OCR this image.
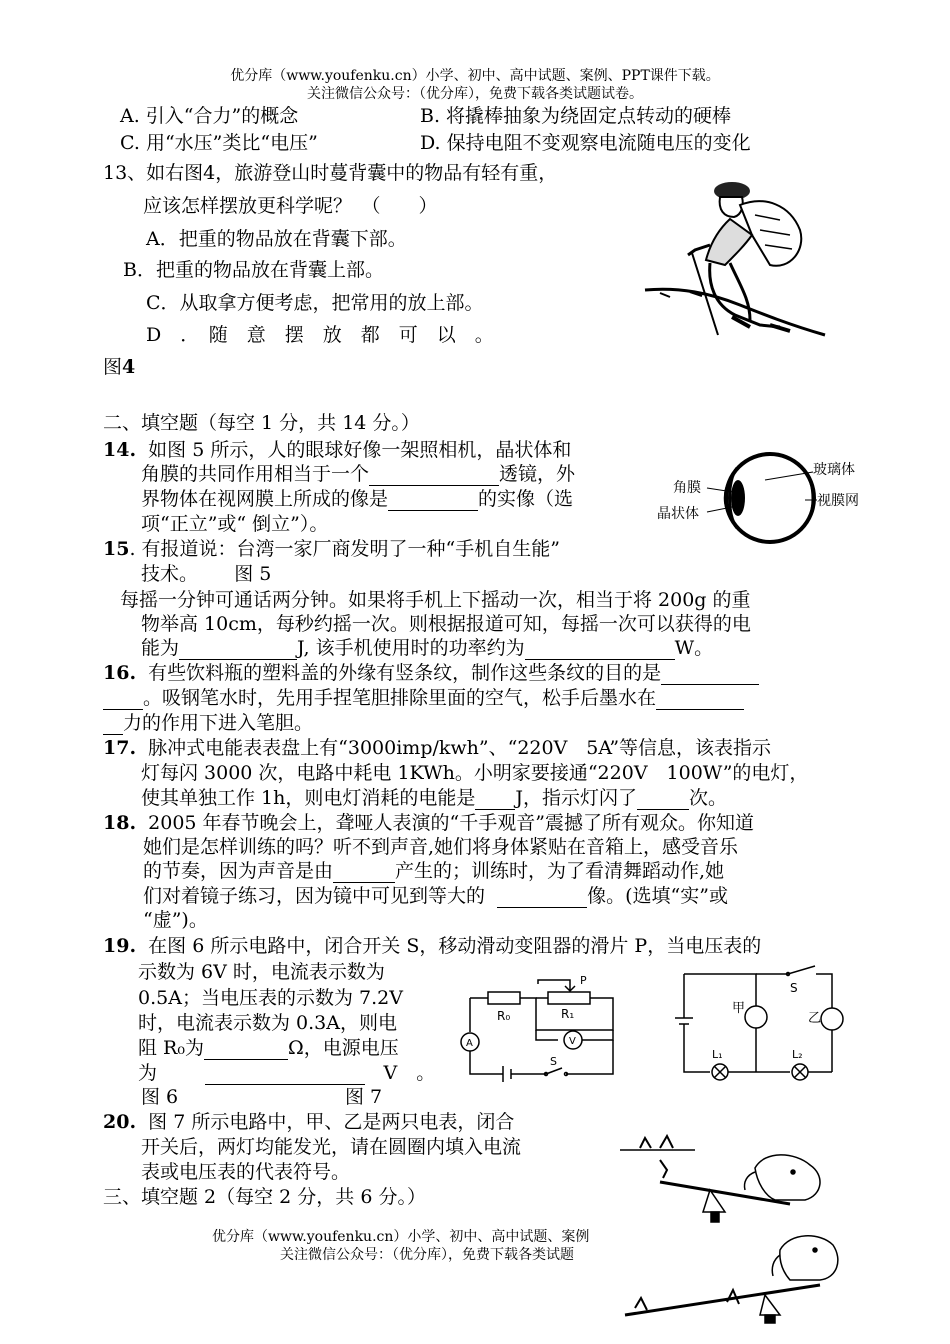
优分库（www.youfenku.cn）小学、初中、高中试题、案例、PPT课件下载。
关注微信公众号：（优分库），免费下载各类试题试卷。
A. 引入“合力”的概念	B. 将撬棒抽象为绕固定点转动的硬棒
C. 用“水压”类比“电压”	D. 保持电阻不变观察电流随电压的变化
13、如右图4，旅游登山时蔓背囊中的物品有轻有重，
应该怎样摆放更科学呢？　（　　）
A．把重的物品放在背囊下部。
B．把重的物品放在背囊上部。
C．从取拿方便考虑，把常用的放上部。
D　．　随　意　摆　放　都　可　以　。
图4
二、填空题（每空 1 分，共 14 分。）
14. 如图 5 所示，人的眼球好像一架照相机，晶状体和
角膜的共同作用相当于一个	透镜，外
界物体在视网膜上所成的像是	的实像（选
项“正立”或“ 倒立”）。
角膜
晶状体
玻璃体
视膜网
15. 有报道说：台湾一家厂商发明了一种“手机自生能”
技术。 图 5
每摇一分钟可通话两分钟。如果将手机上下摇动一次，相当于将 200g 的重
物举高 10cm，每秒约摇一次。则根据报道可知，每摇一次可以获得的电
能为	J, 该手机使用时的功率约为	W。
16. 有些饮料瓶的塑料盖的外缘有竖条纹，制作这些条纹的目的是
。吸钢笔水时，先用手捏笔胆排除里面的空气，松手后墨水在
力的作用下进入笔胆。
17. 脉冲式电能表表盘上有“3000imp/kwh”、“220V　5A”等信息，该表指示
灯每闪 3000 次，电路中耗电 1KWh。小明家要接通“220V　100W”的电灯，
使其单独工作 1h，则电灯消耗的电能是 J，指示灯闪了	次。
18. 2005 年春节晚会上，聋哑人表演的“千手观音”震撼了所有观众。你知道
她们是怎样训练的吗？听不到声音,她们将身体紧贴在音箱上，感受音乐
的节奏，因为声音是由	产生的；训练时，为了看清舞蹈动作,她
们对着镜子练习，因为镜中可见到等大的	像。(选填“实”或
“虚”)。
19. 在图 6 所示电路中，闭合开关 S，移动滑动变阻器的滑片 P，当电压表的
示数为 6V 时，电流表示数为
0.5A；当电压表的示数为 7.2V
时，电流表示数为 0.3A，则电
阻 R₀为	Ω，电源电压
为	V　。
图 6	图 7
R₀	R₁
P
V
A
S
甲
乙
S
L₁	L₂
20. 图 7 所示电路中，甲、乙是两只电表，闭合
开关后，两灯均能发光，请在圆圈内填入电流
表或电压表的代表符号。
三、填空题 2（每空 2 分，共 6 分。）
优分库（www.youfenku.cn）小学、初中、高中试题、案例
关注微信公众号：（优分库），免费下载各类试题
